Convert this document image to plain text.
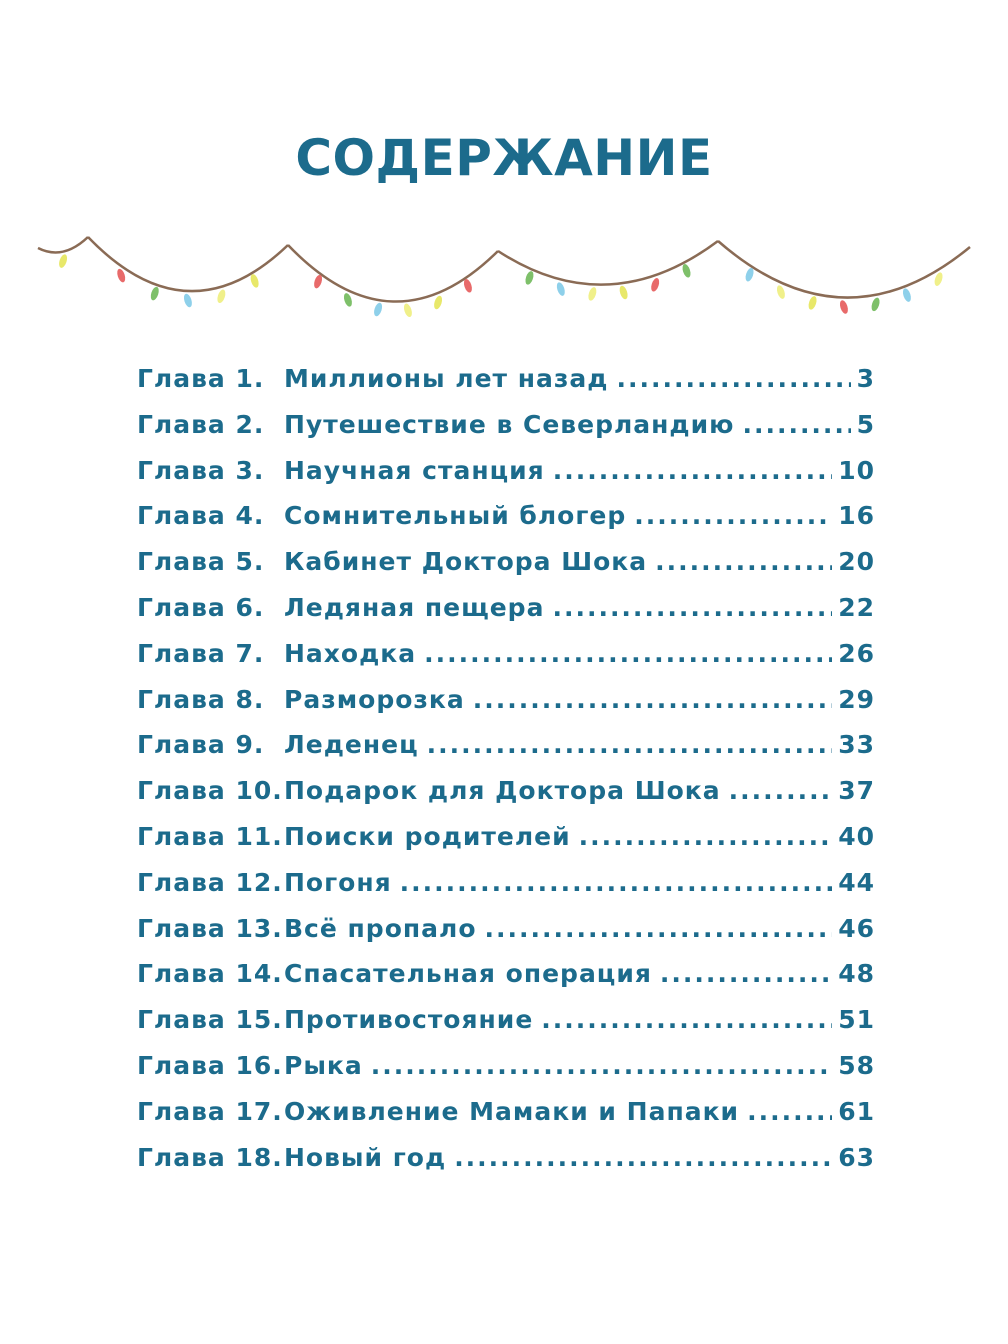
СОДЕРЖАНИЕ
Глава 1. Миллионы лет назад .....	3
Глава 2. Путешествие в Северландию .....	5
Глава 3. Научная станция .....	10
Глава 4. Сомнительный блогер .....	16
Глава 5. Кабинет Доктора Шока .....	20
Глава 6. Ледяная пещера .....	22
Глава 7. Находка .....	26
Глава 8. Разморозка .....	29
Глава 9. Леденец .....	33
Глава 10. Подарок для Доктора Шока .....	37
Глава 11. Поиски родителей .....	40
Глава 12. Погоня .....	44
Глава 13. Всё пропало .....	46
Глава 14. Спасательная операция .....	48
Глава 15. Противостояние .....	51
Глава 16. Рыка .....	58
Глава 17. Оживление Мамаки и Папаки .....	61
Глава 18. Новый год .....	63
